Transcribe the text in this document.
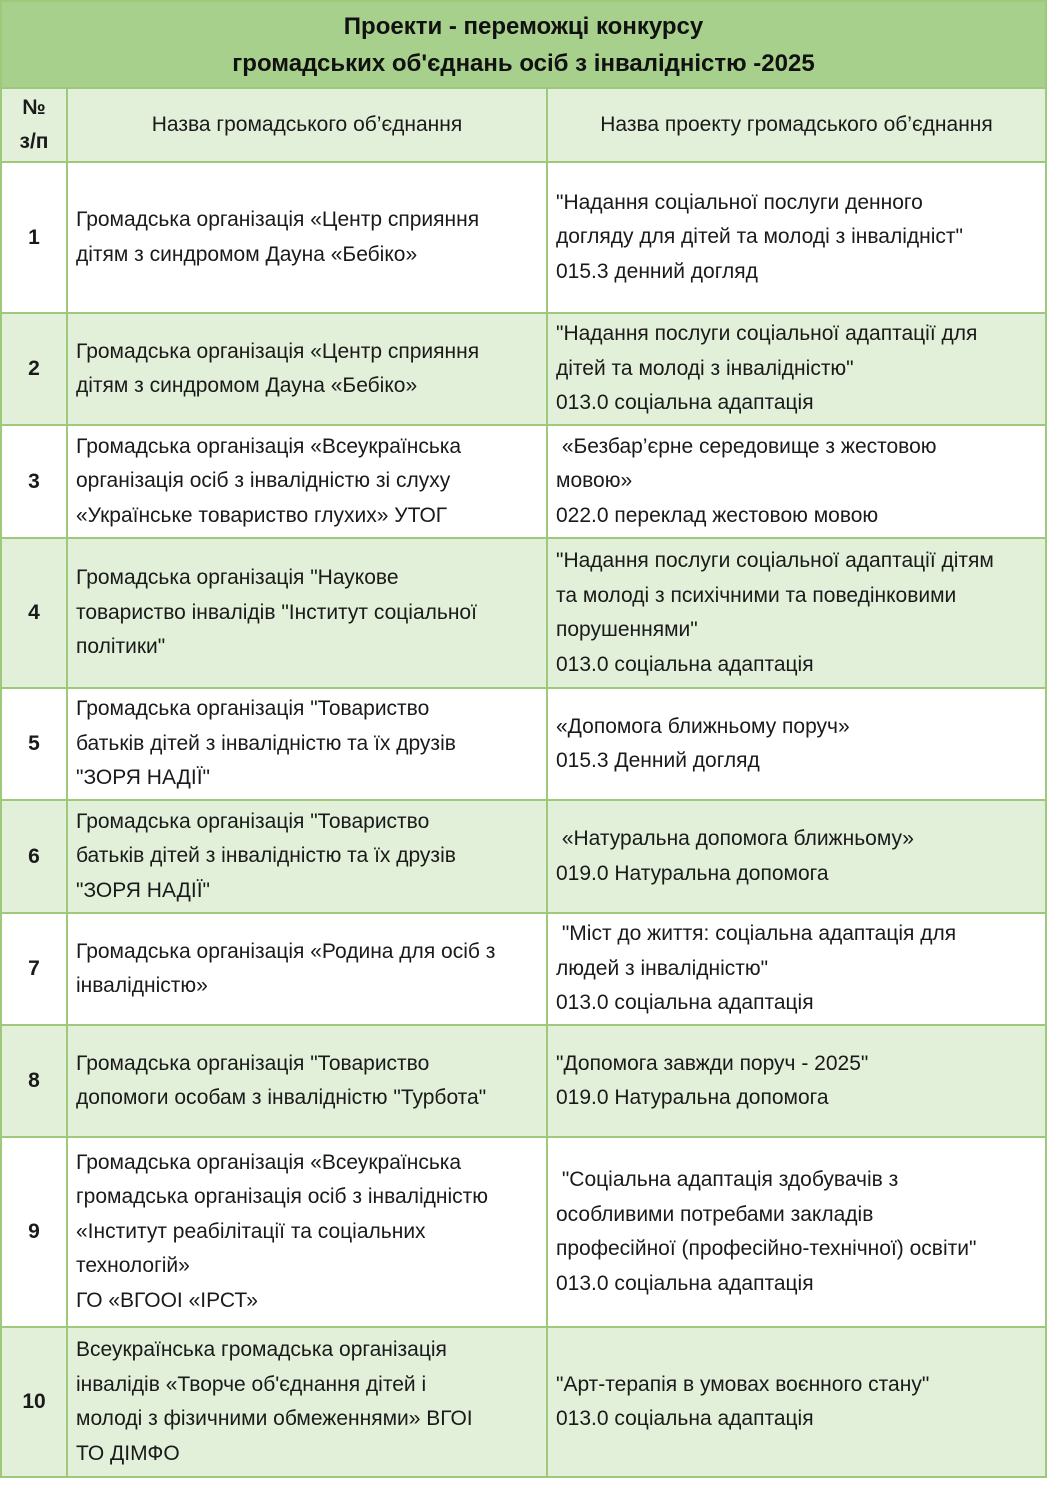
Проекти - переможці конкурсу
громадських об'єднань осіб з інвалідністю -2025		

№
з/п	Назва громадського об’єднання	Назва проекту громадського об’єднання
1	Громадська організація «Центр сприяння
дітям з синдромом Дауна «Бебіко»	"Надання соціальної послуги денного
догляду для дітей та молоді з інвалідніст"
015.3 денний догляд

2	Громадська організація «Центр сприяння
дітям з синдромом Дауна «Бебіко»	"Надання послуги соціальної адаптації для
дітей та молоді з інвалідністю"
013.0 соціальна адаптація

3	Громадська організація «Всеукраїнська
організація осіб з інвалідністю зі слуху
«Українське товариство глухих» УТОГ	«Безбар’єрне середовище з жестовою
мовою»
022.0 переклад жестовою мовою

4	Громадська організація "Наукове
товариство інвалідів "Інститут соціальної
політики"	"Надання послуги соціальної адаптації дітям
та молоді з психічними та поведінковими
порушеннями"
013.0 соціальна адаптація

5	Громадська організація "Товариство
батьків дітей з інвалідністю та їх друзів
"ЗОРЯ НАДІЇ"	«Допомога ближньому поруч»
015.3 Денний догляд

6	Громадська організація "Товариство
батьків дітей з інвалідністю та їх друзів
"ЗОРЯ НАДІЇ"	«Натуральна допомога ближньому»
019.0 Натуральна допомога

7	Громадська організація «Родина для осіб з
інвалідністю»	"Міст до життя: соціальна адаптація для
людей з інвалідністю"
013.0 соціальна адаптація

8	Громадська організація "Товариство
допомоги особам з інвалідністю "Турбота"	"Допомога завжди поруч - 2025"
019.0 Натуральна допомога

9	Громадська організація «Всеукраїнська
громадська організація осіб з інвалідністю
«Інститут реабілітації та соціальних
технологій»
ГО «ВГООІ «ІРСТ»	"Соціальна адаптація здобувачів з
особливими потребами закладів
професійної (професійно-технічної) освіти"
013.0 соціальна адаптація

10	Всеукраїнська громадська організація
інвалідів «Творче об'єднання дітей і
молоді з фізичними обмеженнями» ВГОІ
ТО ДІМФО	"Арт-терапія в умовах воєнного стану"
013.0 соціальна адаптація
